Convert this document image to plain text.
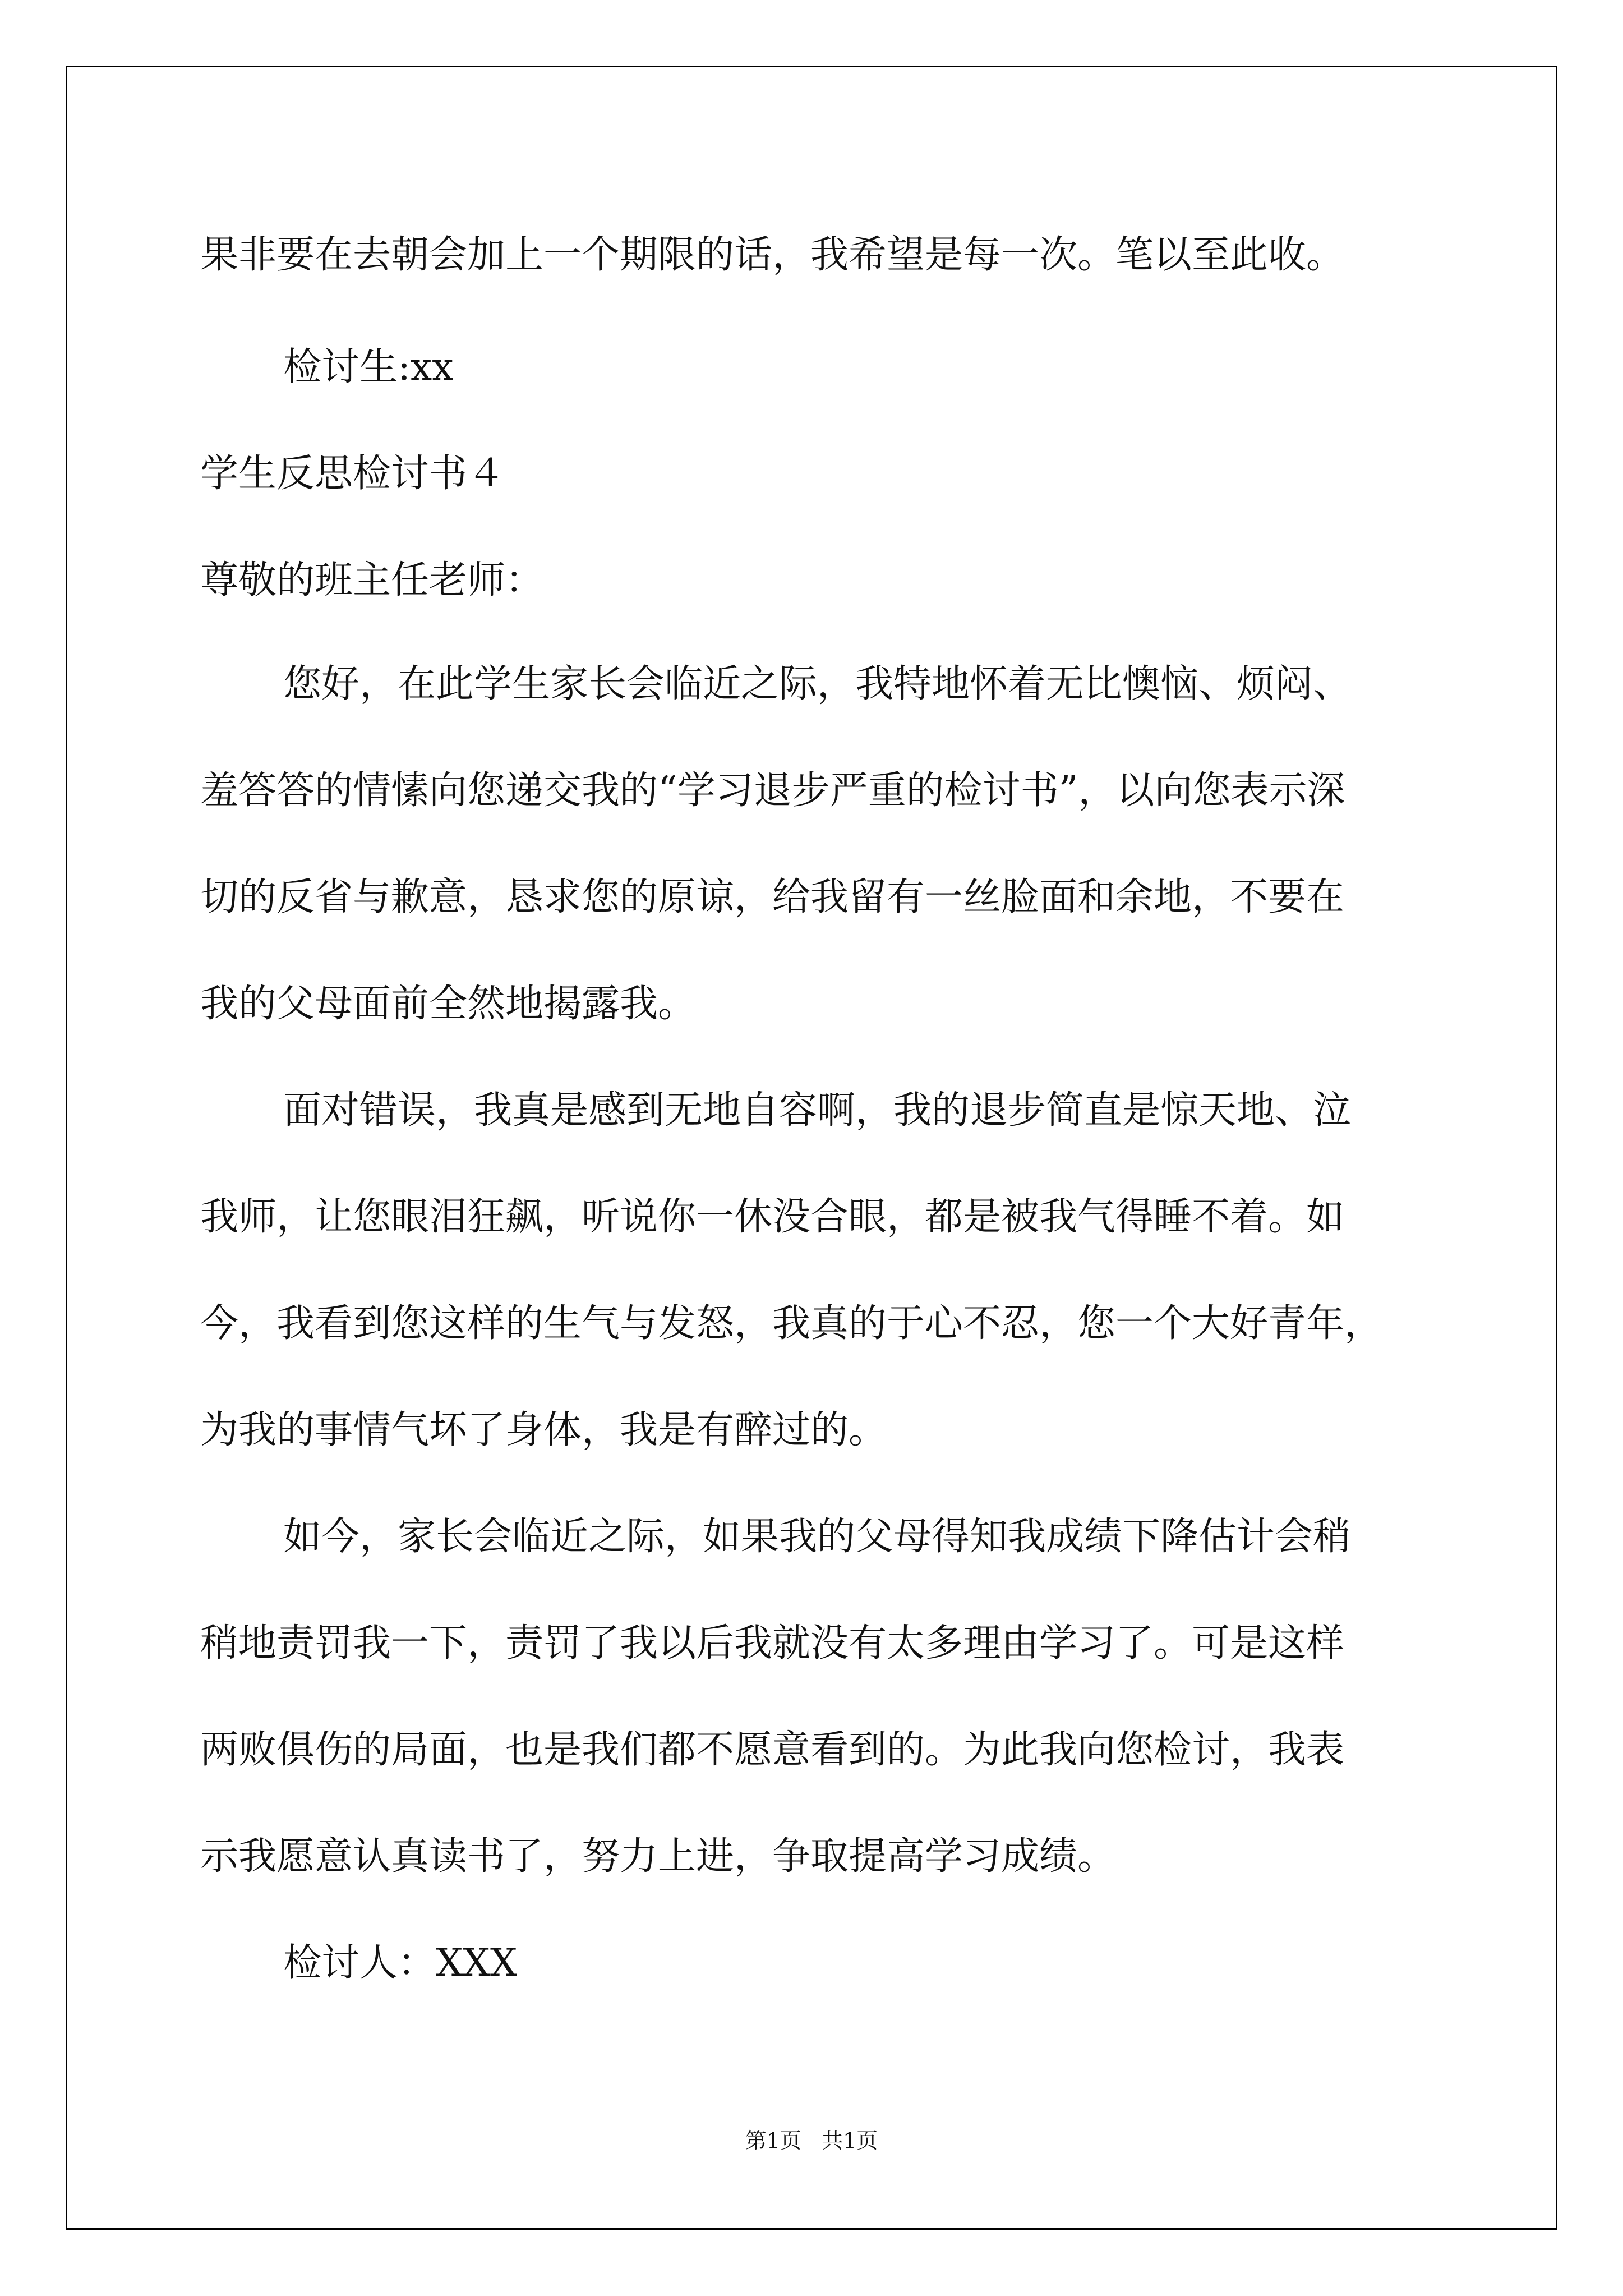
果非要在去朝会加上一个期限的话，我希望是每一次。笔以至此收。
检讨生:xx
学生反思检讨书４
尊敬的班主任老师：
您好，在此学生家长会临近之际，我特地怀着无比懊恼、烦闷、
羞答答的情愫向您递交我的“学习退步严重的检讨书”，以向您表示深
切的反省与歉意，恳求您的原谅，给我留有一丝脸面和余地，不要在
我的父母面前全然地揭露我。
面对错误，我真是感到无地自容啊，我的退步简直是惊天地、泣
我师，让您眼泪狂飙，听说你一休没合眼，都是被我气得睡不着。如
今，我看到您这样的生气与发怒，我真的于心不忍，您一个大好青年，
为我的事情气坏了身体，我是有醉过的。
如今，家长会临近之际，如果我的父母得知我成绩下降估计会稍
稍地责罚我一下，责罚了我以后我就没有太多理由学习了。可是这样
两败俱伤的局面，也是我们都不愿意看到的。为此我向您检讨，我表
示我愿意认真读书了，努力上进，争取提高学习成绩。
检讨人：XXX
第1页   共1页
